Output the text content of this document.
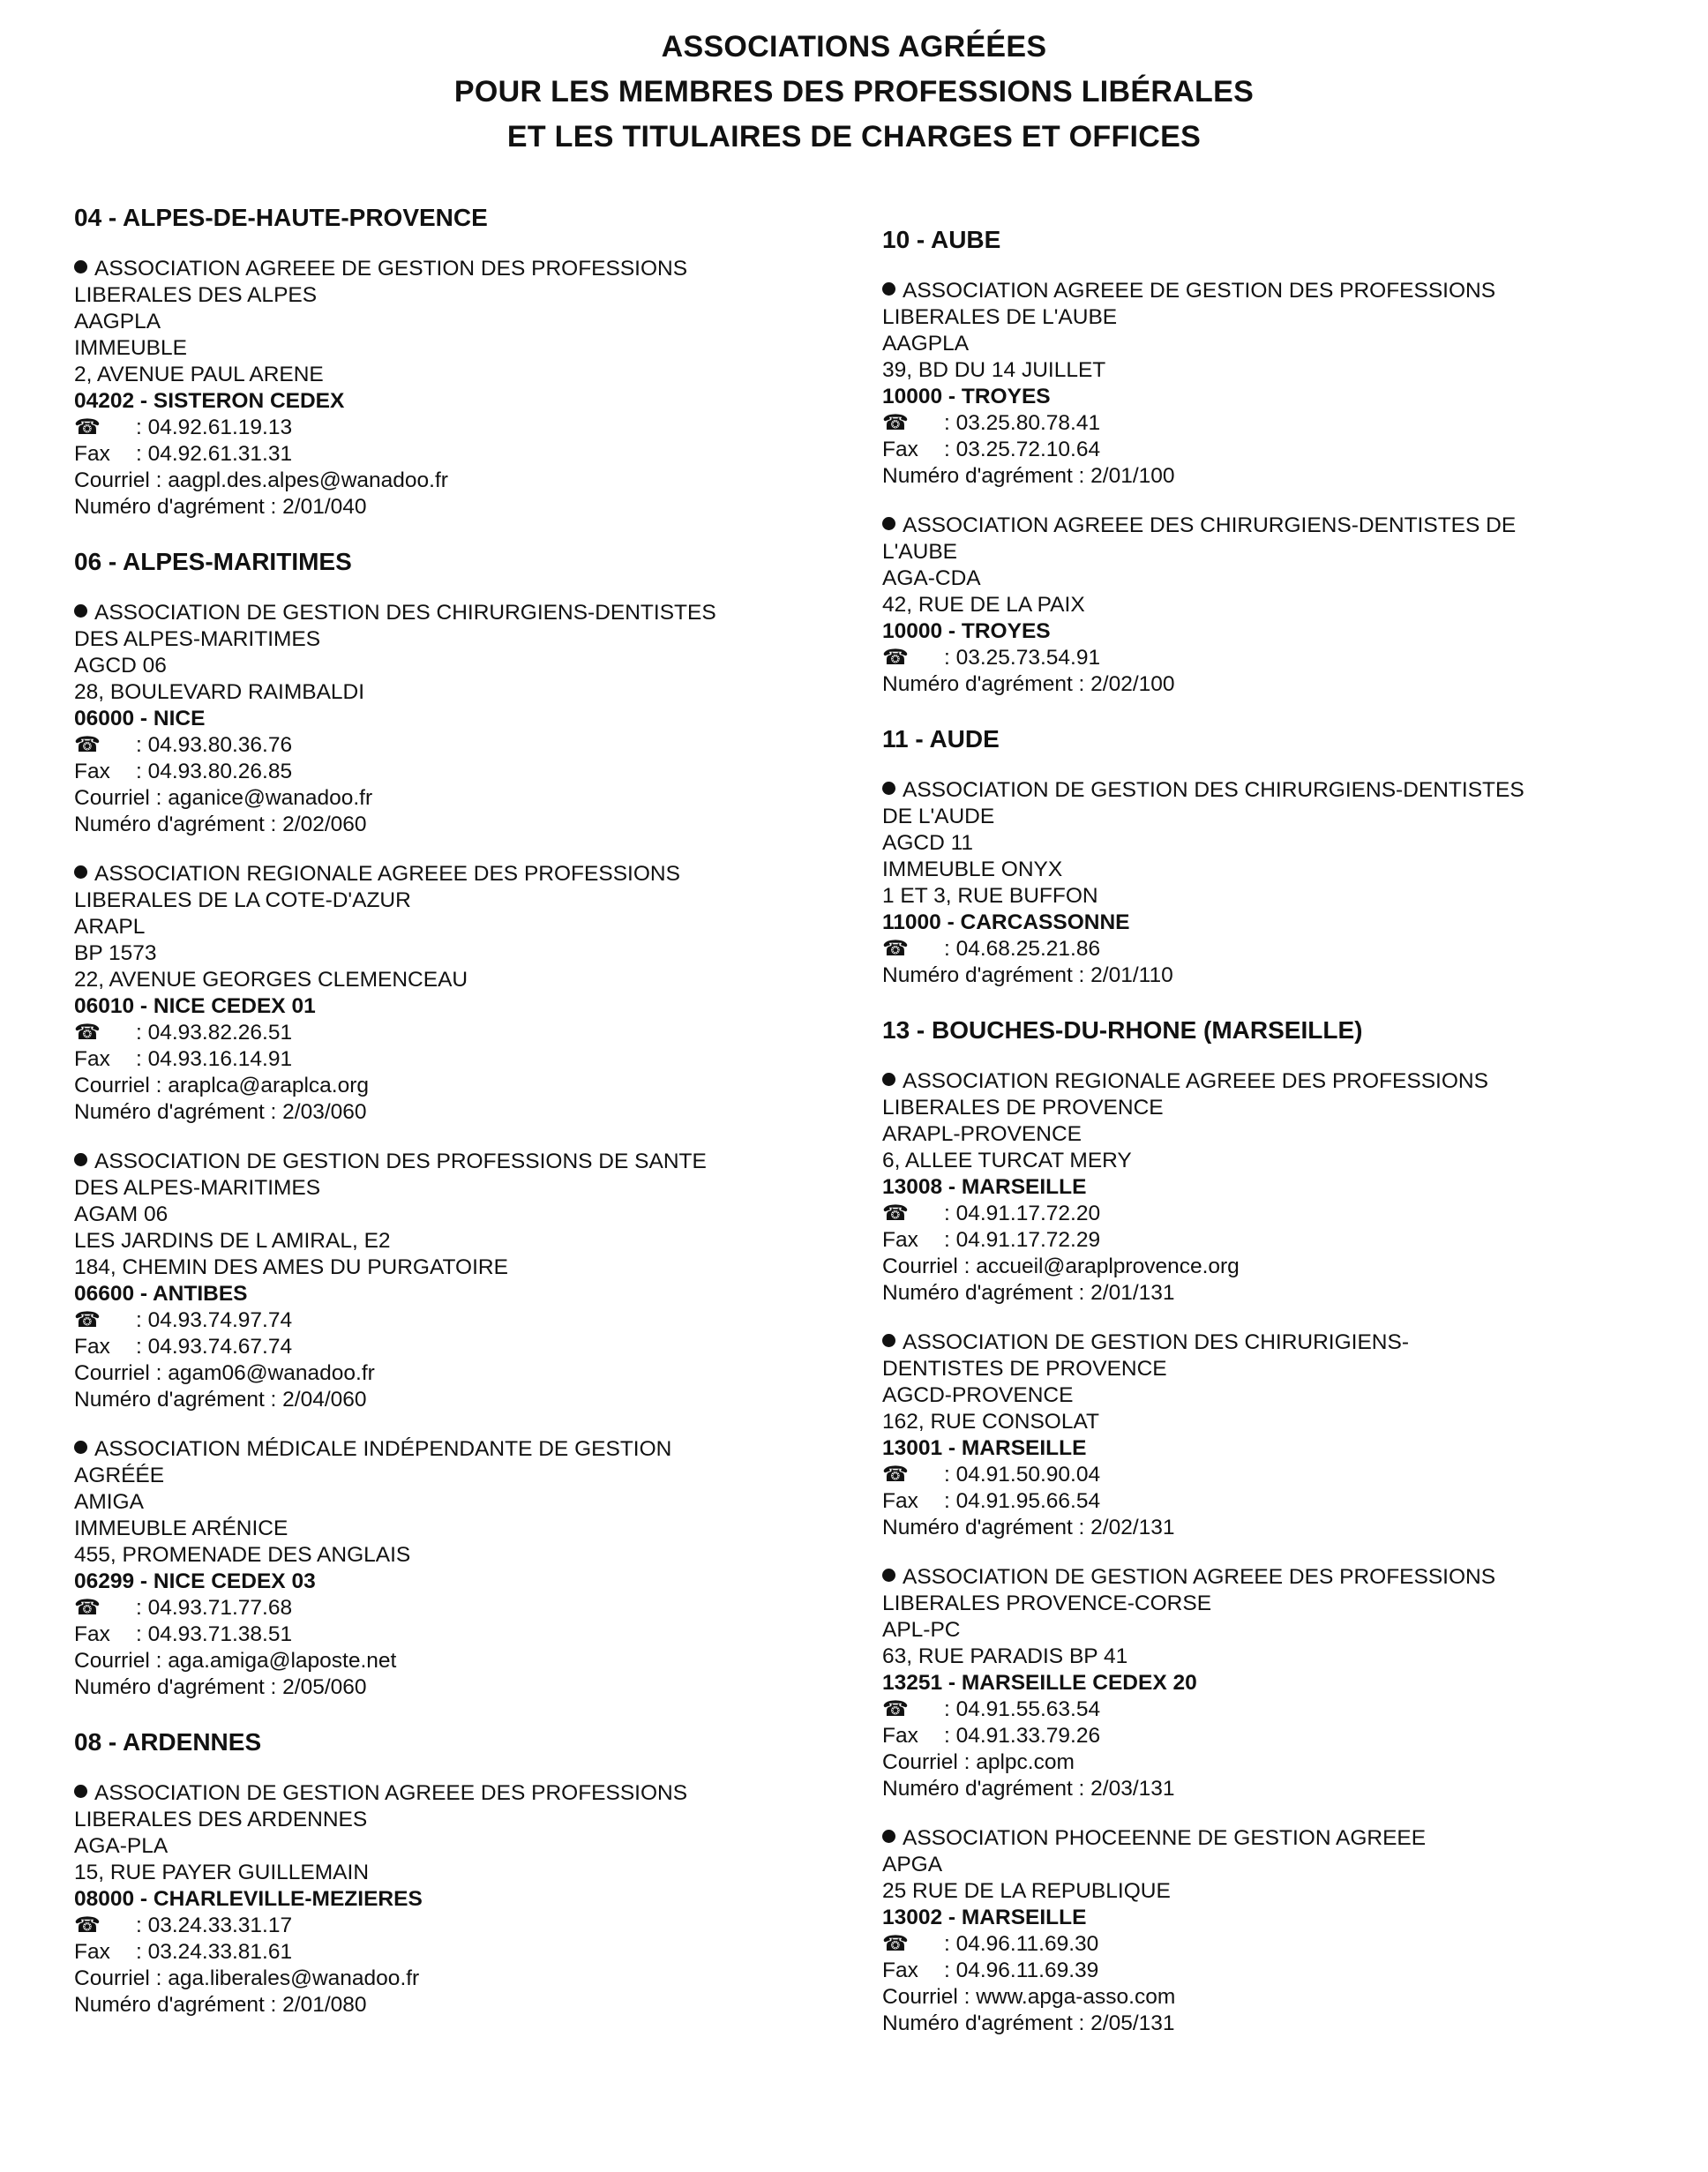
ASSOCIATIONS AGRÉÉES
POUR LES MEMBRES DES PROFESSIONS LIBÉRALES
ET LES TITULAIRES DE CHARGES ET OFFICES
04 - ALPES-DE-HAUTE-PROVENCE
ASSOCIATION AGREEE DE GESTION DES PROFESSIONS
LIBERALES DES ALPES
AAGPLA
IMMEUBLE
2, AVENUE PAUL ARENE
04202 - SISTERON CEDEX
☎ : 04.92.61.19.13
Fax : 04.92.61.31.31
Courriel : aagpl.des.alpes@wanadoo.fr
Numéro d'agrément : 2/01/040
06 - ALPES-MARITIMES
ASSOCIATION DE GESTION DES CHIRURGIENS-DENTISTES
DES ALPES-MARITIMES
AGCD 06
28, BOULEVARD RAIMBALDI
06000 - NICE
☎ : 04.93.80.36.76
Fax : 04.93.80.26.85
Courriel : aganice@wanadoo.fr
Numéro d'agrément : 2/02/060
ASSOCIATION REGIONALE AGREEE DES PROFESSIONS
LIBERALES DE LA COTE-D'AZUR
ARAPL
BP 1573
22, AVENUE GEORGES CLEMENCEAU
06010 - NICE CEDEX 01
☎ : 04.93.82.26.51
Fax : 04.93.16.14.91
Courriel : araplca@araplca.org
Numéro d'agrément : 2/03/060
ASSOCIATION DE GESTION DES PROFESSIONS DE SANTE
DES ALPES-MARITIMES
AGAM 06
LES JARDINS DE L AMIRAL, E2
184, CHEMIN DES AMES DU PURGATOIRE
06600 - ANTIBES
☎ : 04.93.74.97.74
Fax : 04.93.74.67.74
Courriel : agam06@wanadoo.fr
Numéro d'agrément : 2/04/060
ASSOCIATION MÉDICALE INDÉPENDANTE DE GESTION
AGRÉÉE
AMIGA
IMMEUBLE ARÉNICE
455, PROMENADE DES ANGLAIS
06299 - NICE CEDEX 03
☎ : 04.93.71.77.68
Fax : 04.93.71.38.51
Courriel : aga.amiga@laposte.net
Numéro d'agrément : 2/05/060
08 - ARDENNES
ASSOCIATION DE GESTION AGREEE DES PROFESSIONS
LIBERALES DES ARDENNES
AGA-PLA
15, RUE PAYER GUILLEMAIN
08000 - CHARLEVILLE-MEZIERES
☎ : 03.24.33.31.17
Fax : 03.24.33.81.61
Courriel : aga.liberales@wanadoo.fr
Numéro d'agrément : 2/01/080
10 - AUBE
ASSOCIATION AGREEE DE GESTION DES PROFESSIONS
LIBERALES DE L'AUBE
AAGPLA
39, BD DU 14 JUILLET
10000 - TROYES
☎ : 03.25.80.78.41
Fax : 03.25.72.10.64
Numéro d'agrément : 2/01/100
ASSOCIATION AGREEE DES CHIRURGIENS-DENTISTES DE
L'AUBE
AGA-CDA
42, RUE DE LA PAIX
10000 - TROYES
☎ : 03.25.73.54.91
Numéro d'agrément : 2/02/100
11 - AUDE
ASSOCIATION DE GESTION DES CHIRURGIENS-DENTISTES
DE L'AUDE
AGCD 11
IMMEUBLE ONYX
1 ET 3, RUE BUFFON
11000 - CARCASSONNE
☎ : 04.68.25.21.86
Numéro d'agrément : 2/01/110
13 - BOUCHES-DU-RHONE (MARSEILLE)
ASSOCIATION REGIONALE AGREEE DES PROFESSIONS
LIBERALES DE PROVENCE
ARAPL-PROVENCE
6, ALLEE TURCAT MERY
13008 - MARSEILLE
☎ : 04.91.17.72.20
Fax : 04.91.17.72.29
Courriel : accueil@araplprovence.org
Numéro d'agrément : 2/01/131
ASSOCIATION DE GESTION DES CHIRURIGIENS-
DENTISTES DE PROVENCE
AGCD-PROVENCE
162, RUE CONSOLAT
13001 - MARSEILLE
☎ : 04.91.50.90.04
Fax : 04.91.95.66.54
Numéro d'agrément : 2/02/131
ASSOCIATION DE GESTION AGREEE DES PROFESSIONS
LIBERALES PROVENCE-CORSE
APL-PC
63, RUE PARADIS BP 41
13251 - MARSEILLE CEDEX 20
☎ : 04.91.55.63.54
Fax : 04.91.33.79.26
Courriel : aplpc.com
Numéro d'agrément : 2/03/131
ASSOCIATION PHOCEENNE DE GESTION AGREEE
APGA
25 RUE DE LA REPUBLIQUE
13002 - MARSEILLE
☎ : 04.96.11.69.30
Fax : 04.96.11.69.39
Courriel : www.apga-asso.com
Numéro d'agrément : 2/05/131
